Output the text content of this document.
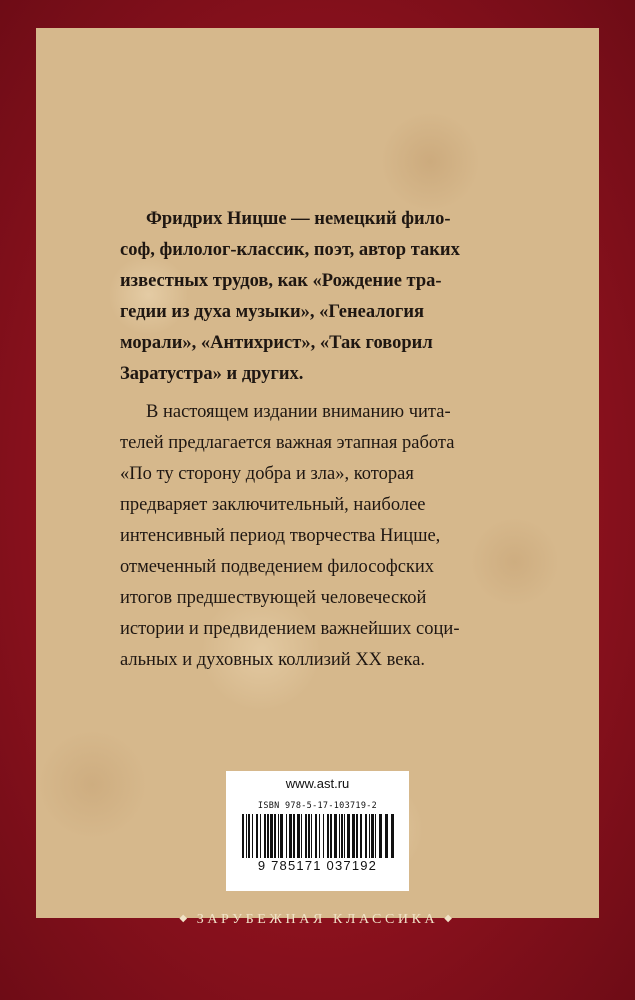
Фридрих Ницше — немецкий фило-
соф, филолог-классик, поэт, автор таких
известных трудов, как «Рождение тра-
гедии из духа музыки», «Генеалогия
морали», «Антихрист», «Так говорил
Заратустра» и других.
В настоящем издании вниманию чита-
телей предлагается важная этапная работа
«По ту сторону добра и зла», которая
предваряет заключительный, наиболее
интенсивный период творчества Ницше,
отмеченный подведением философских
итогов предшествующей человеческой
истории и предвидением важнейших соци-
альных и духовных коллизий XX века.
www.ast.ru
ISBN 978-5-17-103719-2
9 785171 037192
◆ ЗАРУБЕЖНАЯ КЛАССИКА ◆
